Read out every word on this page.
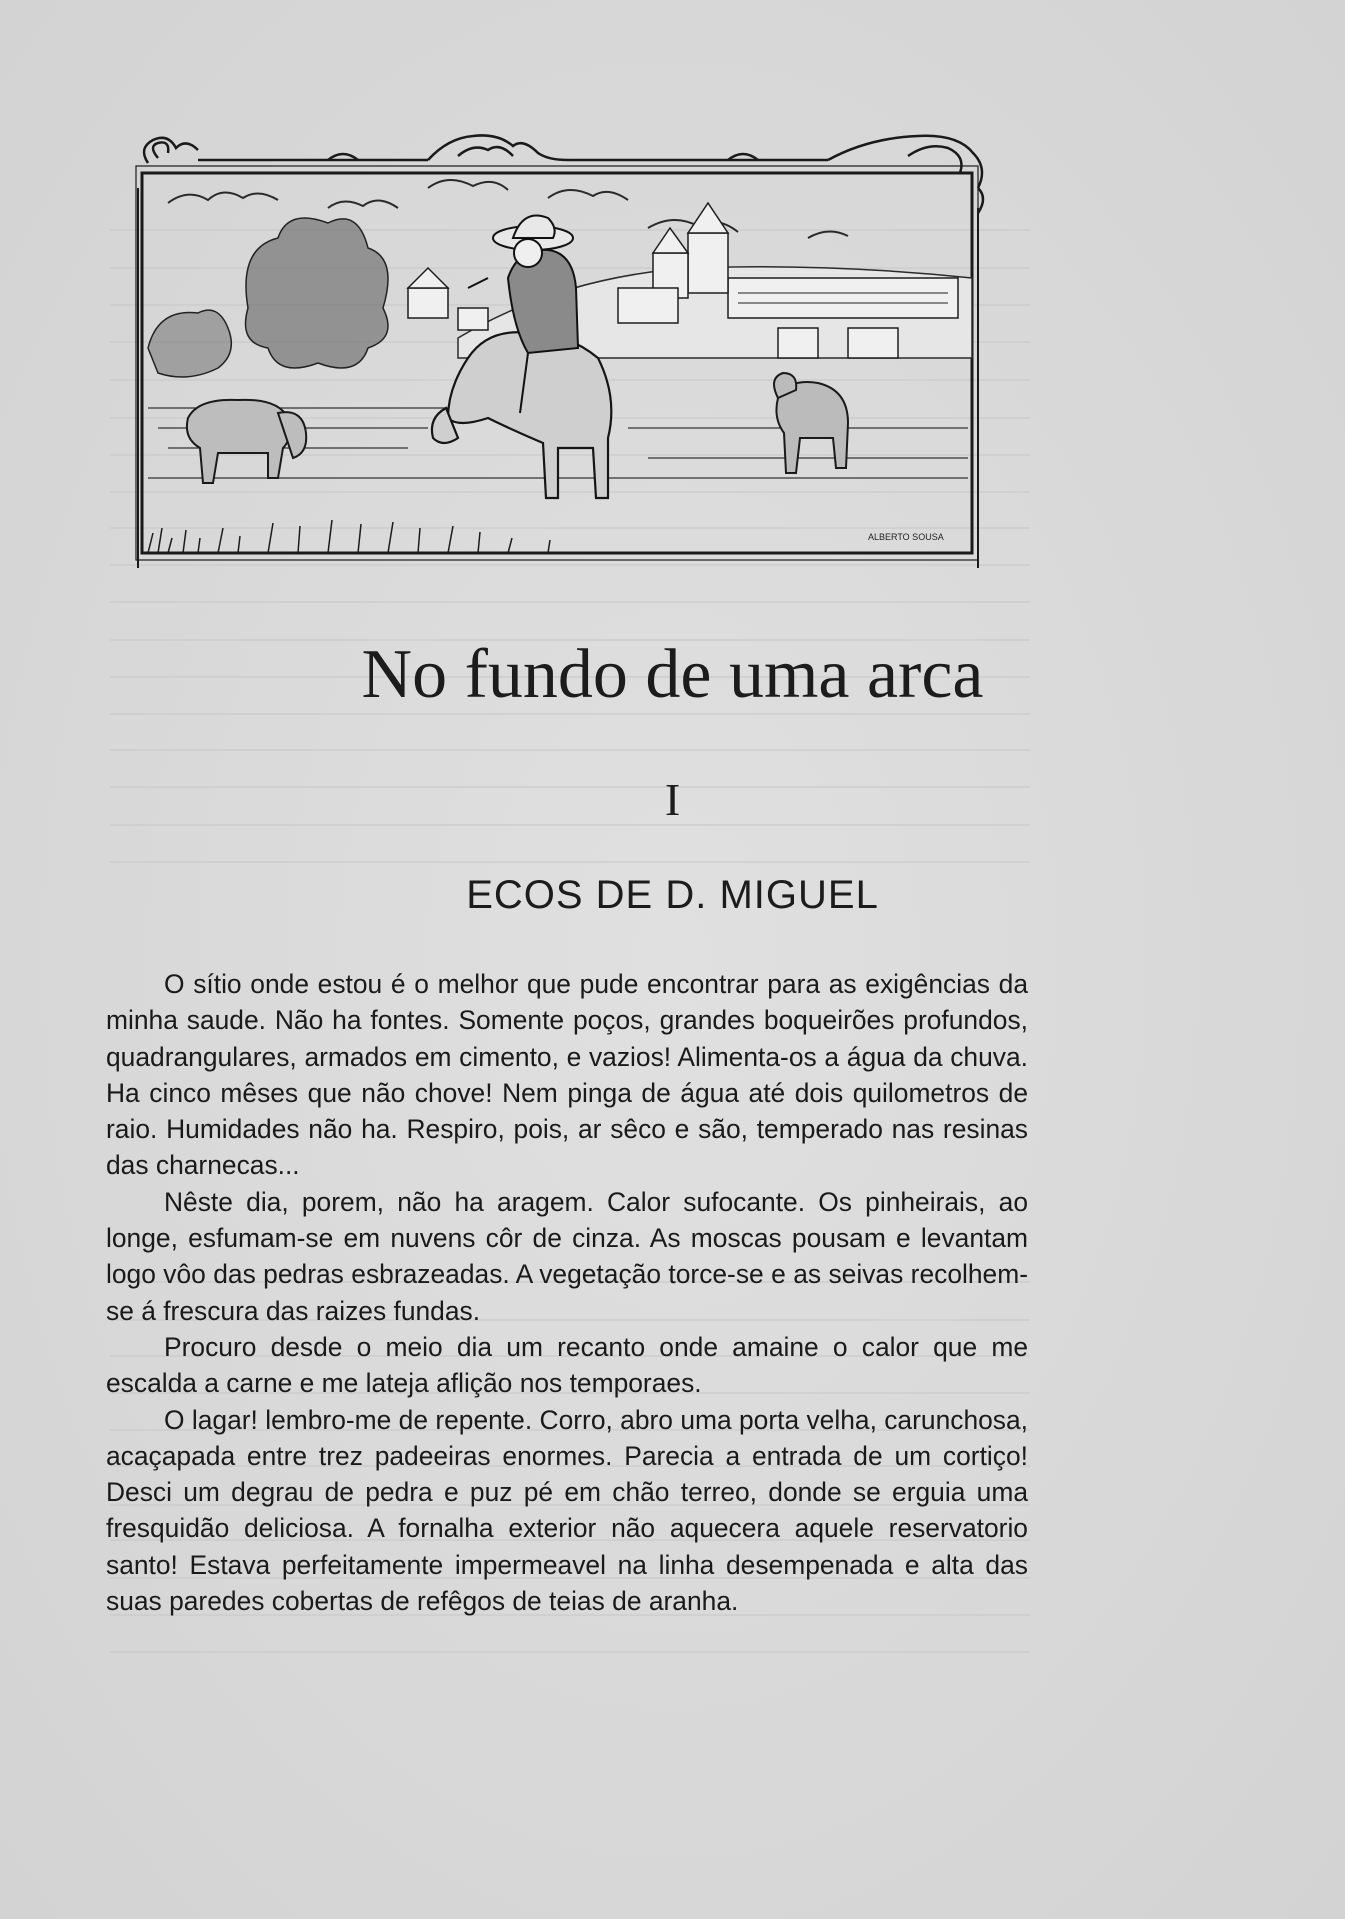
ALBERTO SOUSA
No fundo de uma arca
I
ECOS DE D. MIGUEL

O sítio onde estou é o melhor que pude encontrar para as exigências da minha saude. Não ha fontes. Somente poços, grandes boqueirões profundos, quadrangulares, armados em cimento, e vazios! Alimenta-os a água da chuva. Ha cinco mêses que não chove! Nem pinga de água até dois quilometros de raio. Humidades não ha. Respiro, pois, ar sêco e são, temperado nas resinas das charnecas...

Nêste dia, porem, não ha aragem. Calor sufocante. Os pinheirais, ao longe, esfumam-se em nuvens côr de cinza. As moscas pousam e levantam logo vôo das pedras esbrazeadas. A vegetação torce-se e as seivas recolhem-se á frescura das raizes fundas.

Procuro desde o meio dia um recanto onde amaine o calor que me escalda a carne e me lateja aflição nos temporaes.

O lagar! lembro-me de repente. Corro, abro uma porta velha, carunchosa, acaçapada entre trez padeeiras enormes. Parecia a entrada de um cortiço! Desci um degrau de pedra e puz pé em chão terreo, donde se erguia uma fresquidão deliciosa. A fornalha exterior não aquecera aquele reservatorio santo! Estava perfeitamente impermeavel na linha desempenada e alta das suas paredes cobertas de refêgos de teias de aranha.
